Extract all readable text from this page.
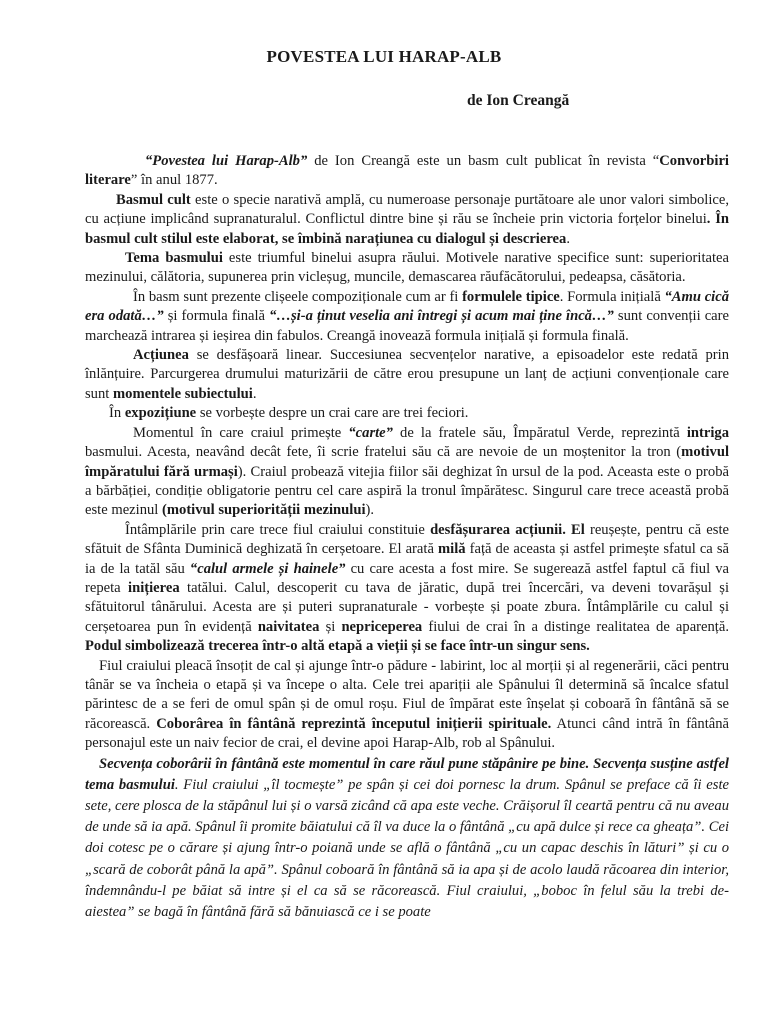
POVESTEA LUI HARAP-ALB
de Ion Creangă

“Povestea lui Harap-Alb” de Ion Creangă este un basm cult publicat în revista “Convorbiri literare” în anul 1877.

Basmul cult este o specie narativă amplă, cu numeroase personaje purtătoare ale unor valori simbolice, cu acțiune implicând supranaturalul. Conflictul dintre bine și rău se încheie prin victoria forțelor binelui. În basmul cult stilul este elaborat, se îmbină narațiunea cu dialogul și descrierea.

Tema basmului este triumful binelui asupra răului. Motivele narative specifice sunt: superioritatea mezinului, călătoria, supunerea prin vicleșug, muncile, demascarea răufăcătorului, pedeapsa, căsătoria.

În basm sunt prezente clișeele compoziționale cum ar fi formulele tipice. Formula inițială “Amu cică era odată…” și formula finală “…și-a ținut veselia ani întregi și acum mai ține încă…” sunt convenții care marchează intrarea și ieșirea din fabulos. Creangă inovează formula inițială și formula finală.

Acțiunea se desfășoară linear. Succesiunea secvențelor narative, a episoadelor este redată prin înlănțuire. Parcurgerea drumului maturizării de către erou presupune un lanț de acțiuni convenționale care sunt momentele subiectului.

În expozițiune se vorbește despre un crai care are trei feciori.

Momentul în care craiul primește “carte” de la fratele său, Împăratul Verde, reprezintă intriga basmului. Acesta, neavând decât fete, îi scrie fratelui său că are nevoie de un moștenitor la tron (motivul împăratului fără urmași). Craiul probează vitejia fiilor săi deghizat în ursul de la pod. Aceasta este o probă a bărbăției, condiție obligatorie pentru cel care aspiră la tronul împărătesc. Singurul care trece această probă este mezinul (motivul superiorității mezinului).

Întâmplările prin care trece fiul craiului constituie desfășurarea acțiunii. El reușește, pentru că este sfătuit de Sfânta Duminică deghizată în cerșetoare. El arată milă față de aceasta și astfel primește sfatul ca să ia de la tatăl său “calul armele și hainele” cu care acesta a fost mire. Se sugerează astfel faptul că fiul va repeta inițierea tatălui. Calul, descoperit cu tava de jăratic, după trei încercări, va deveni tovarășul și sfătuitorul tânărului. Acesta are și puteri supranaturale - vorbește și poate zbura. Întâmplările cu calul și cerșetoarea pun în evidență naivitatea și nepriceperea fiului de crai în a distinge realitatea de aparență. Podul simbolizează trecerea într-o altă etapă a vieții și se face într-un singur sens.

Fiul craiului pleacă însoțit de cal și ajunge într-o pădure - labirint, loc al morții și al regenerării, căci pentru tânăr se va încheia o etapă și va începe o alta. Cele trei apariții ale Spânului îl determină să încalce sfatul părintesc de a se feri de omul spân și de omul roșu. Fiul de împărat este înșelat și coboară în fântână să se răcorească. Coborârea în fântână reprezintă începutul inițierii spirituale. Atunci când intră în fântână personajul este un naiv fecior de crai, el devine apoi Harap-Alb, rob al Spânului.

Secvența coborârii în fântână este momentul în care răul pune stăpânire pe bine. Secvența susține astfel tema basmului. Fiul craiului „îl tocmește” pe spân și cei doi pornesc la drum. Spânul se preface că îi este sete, cere plosca de la stăpânul lui și o varsă zicând că apa este veche. Crăișorul îl ceartă pentru că nu aveau de unde să ia apă. Spânul îi promite băiatului că îl va duce la o fântână „cu apă dulce și rece ca gheața”. Cei doi cotesc pe o cărare și ajung într-o poiană unde se află o fântână „cu un capac deschis în lături” și cu o „scară de coborât până la apă”. Spânul coboară în fântână să ia apa și de acolo laudă răcoarea din interior, îndemnându-l pe băiat să intre și el ca să se răcorească. Fiul craiului, „boboc în felul său la trebi de-aiestea” se bagă în fântână fără să bănuiască ce i se poate
